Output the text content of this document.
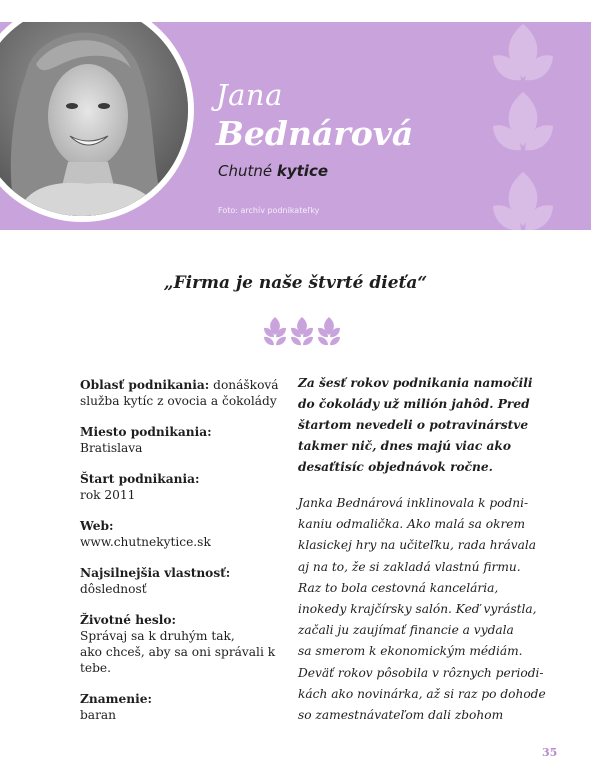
Jana
Bednárová
Chutné kytice
Foto: archív podnikateľky
„Firma je naše štvrté dieťa“
Oblasť podnikania: donášková
služba kytíc z ovocia a čokolády
Miesto podnikania:
Bratislava
Štart podnikania:
rok 2011
Web:
www.chutnekytice.sk
Najsilnejšia vlastnosť:
dôslednosť
Životné heslo:
Správaj sa k druhým tak,
ako chceš, aby sa oni správali k tebe.
Znamenie:
baran

Za šesť rokov podnikania namočili
do čokolády už milión jahôd. Pred
štartom nevedeli o potravinárstve
takmer nič, dnes majú viac ako
desaťtisíc objednávok ročne.

Janka Bednárová inklinovala k podni-
kaniu odmalička. Ako malá sa okrem
klasickej hry na učiteľku, rada hrávala
aj na to, že si zakladá vlastnú firmu.
Raz to bola cestovná kancelária,
inokedy krajčírsky salón. Keď vyrástla,
začali ju zaujímať financie a vydala
sa smerom k ekonomickým médiám.
Deväť rokov pôsobila v rôznych periodi-
kách ako novinárka, až si raz po dohode
so zamestnávateľom dali zbohom

35
